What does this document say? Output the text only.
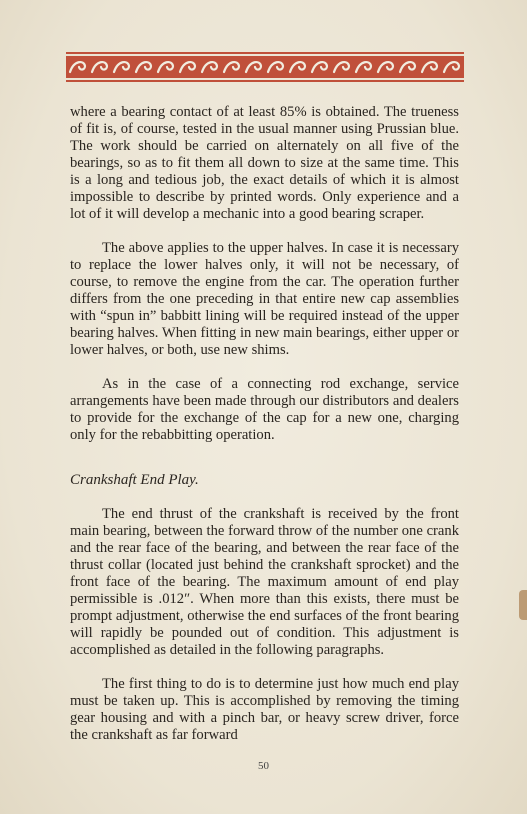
where a bearing contact of at least 85% is obtained. The trueness of fit is, of course, tested in the usual manner using Prussian blue. The work should be carried on alternately on all five of the bearings, so as to fit them all down to size at the same time. This is a long and tedious job, the exact details of which it is almost impossible to describe by printed words. Only experience and a lot of it will develop a mechanic into a good bearing scraper.

The above applies to the upper halves. In case it is necessary to replace the lower halves only, it will not be necessary, of course, to remove the engine from the car. The operation further differs from the one preceding in that entire new cap assemblies with “spun in” babbitt lining will be required instead of the upper bearing halves. When fitting in new main bearings, either upper or lower halves, or both, use new shims.

As in the case of a connecting rod exchange, service arrangements have been made through our distributors and dealers to provide for the exchange of the cap for a new one, charging only for the rebabbitting operation.

Crankshaft End Play.

The end thrust of the crankshaft is received by the front main bearing, between the forward throw of the number one crank and the rear face of the bearing, and between the rear face of the thrust collar (located just behind the crankshaft sprocket) and the front face of the bearing. The maximum amount of end play permissible is .012″. When more than this exists, there must be prompt adjustment, otherwise the end surfaces of the front bearing will rapidly be pounded out of condition. This adjustment is accomplished as detailed in the following paragraphs.

The first thing to do is to determine just how much end play must be taken up. This is accomplished by removing the timing gear housing and with a pinch bar, or heavy screw driver, force the crankshaft as far forward

50
